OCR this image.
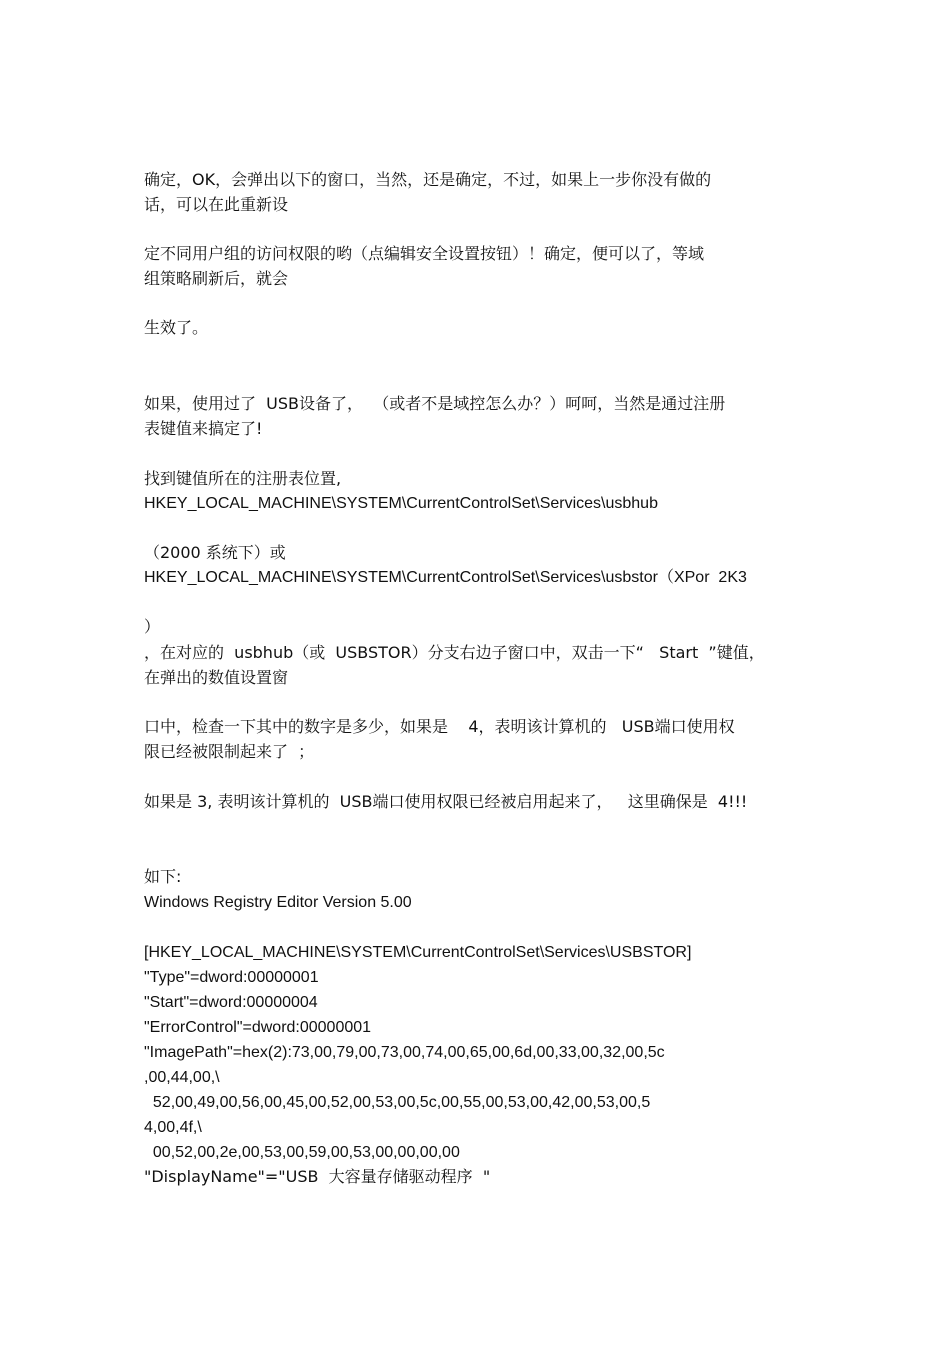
确定，OK，会弹出以下的窗口，当然，还是确定，不过，如果上一步你没有做的
话，可以在此重新设
定不同用户组的访问权限的哟（点编辑安全设置按钮）！确定，便可以了，等域
组策略刷新后，就会
生效了。
如果，使用过了  USB设备了，  （或者不是域控怎么办？）呵呵，当然是通过注册
表键值来搞定了!
找到键值所在的注册表位置,
HKEY_LOCAL_MACHINE\SYSTEM\CurrentControlSet\Services\usbhub
（2000 系统下）或
HKEY_LOCAL_MACHINE\SYSTEM\CurrentControlSet\Services\usbstor（XPor  2K3
）
，在对应的  usbhub（或  USBSTOR）分支右边子窗口中，双击一下“   Start  ”键值，
在弹出的数值设置窗
口中，检查一下其中的数字是多少，如果是    4，表明该计算机的   USB端口使用权
限已经被限制起来了  ；
如果是 3, 表明该计算机的  USB端口使用权限已经被启用起来了，   这里确保是  4!!!
如下:
Windows Registry Editor Version 5.00
[HKEY_LOCAL_MACHINE\SYSTEM\CurrentControlSet\Services\USBSTOR]
"Type"=dword:00000001
"Start"=dword:00000004
"ErrorControl"=dword:00000001
"ImagePath"=hex(2):73,00,79,00,73,00,74,00,65,00,6d,00,33,00,32,00,5c
,00,44,00,\
52,00,49,00,56,00,45,00,52,00,53,00,5c,00,55,00,53,00,42,00,53,00,5
4,00,4f,\
00,52,00,2e,00,53,00,59,00,53,00,00,00,00
"DisplayName"="USB  大容量存储驱动程序  "
